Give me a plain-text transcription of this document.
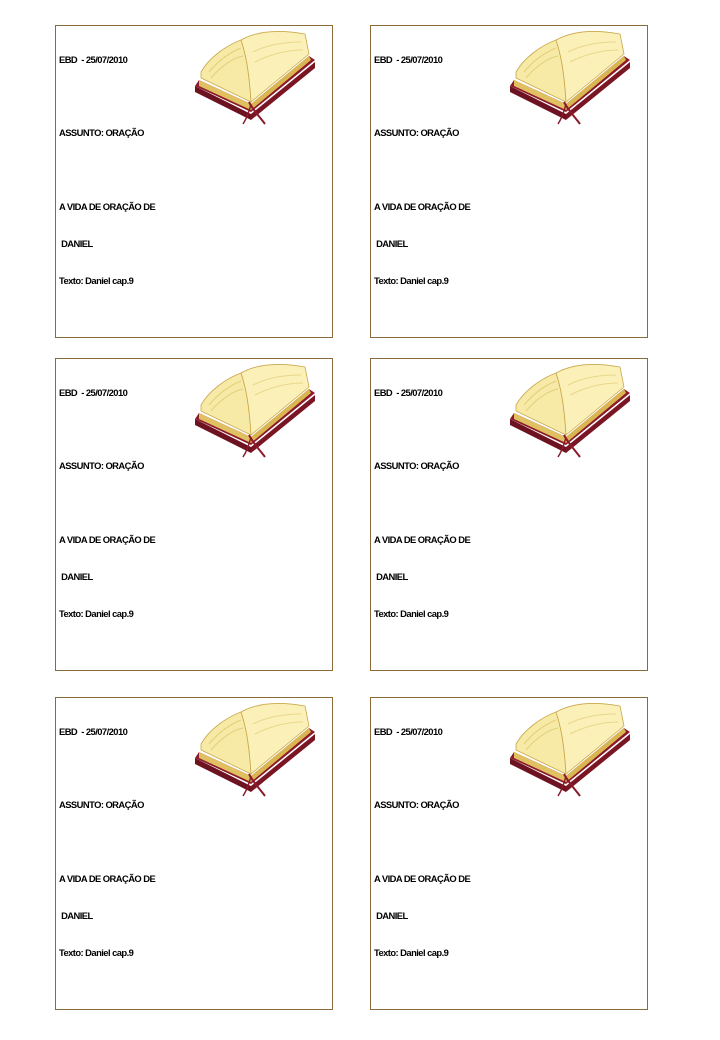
EBD  - 25/07/2010

ASSUNTO: ORAÇÃO

A VIDA DE ORAÇÃO DE

DANIEL

Texto: Daniel cap.9

EBD  - 25/07/2010

ASSUNTO: ORAÇÃO

A VIDA DE ORAÇÃO DE

DANIEL

Texto: Daniel cap.9

EBD  - 25/07/2010

ASSUNTO: ORAÇÃO

A VIDA DE ORAÇÃO DE

DANIEL

Texto: Daniel cap.9

EBD  - 25/07/2010

ASSUNTO: ORAÇÃO

A VIDA DE ORAÇÃO DE

DANIEL

Texto: Daniel cap.9

EBD  - 25/07/2010

ASSUNTO: ORAÇÃO

A VIDA DE ORAÇÃO DE

DANIEL

Texto: Daniel cap.9

EBD  - 25/07/2010

ASSUNTO: ORAÇÃO

A VIDA DE ORAÇÃO DE

DANIEL

Texto: Daniel cap.9
